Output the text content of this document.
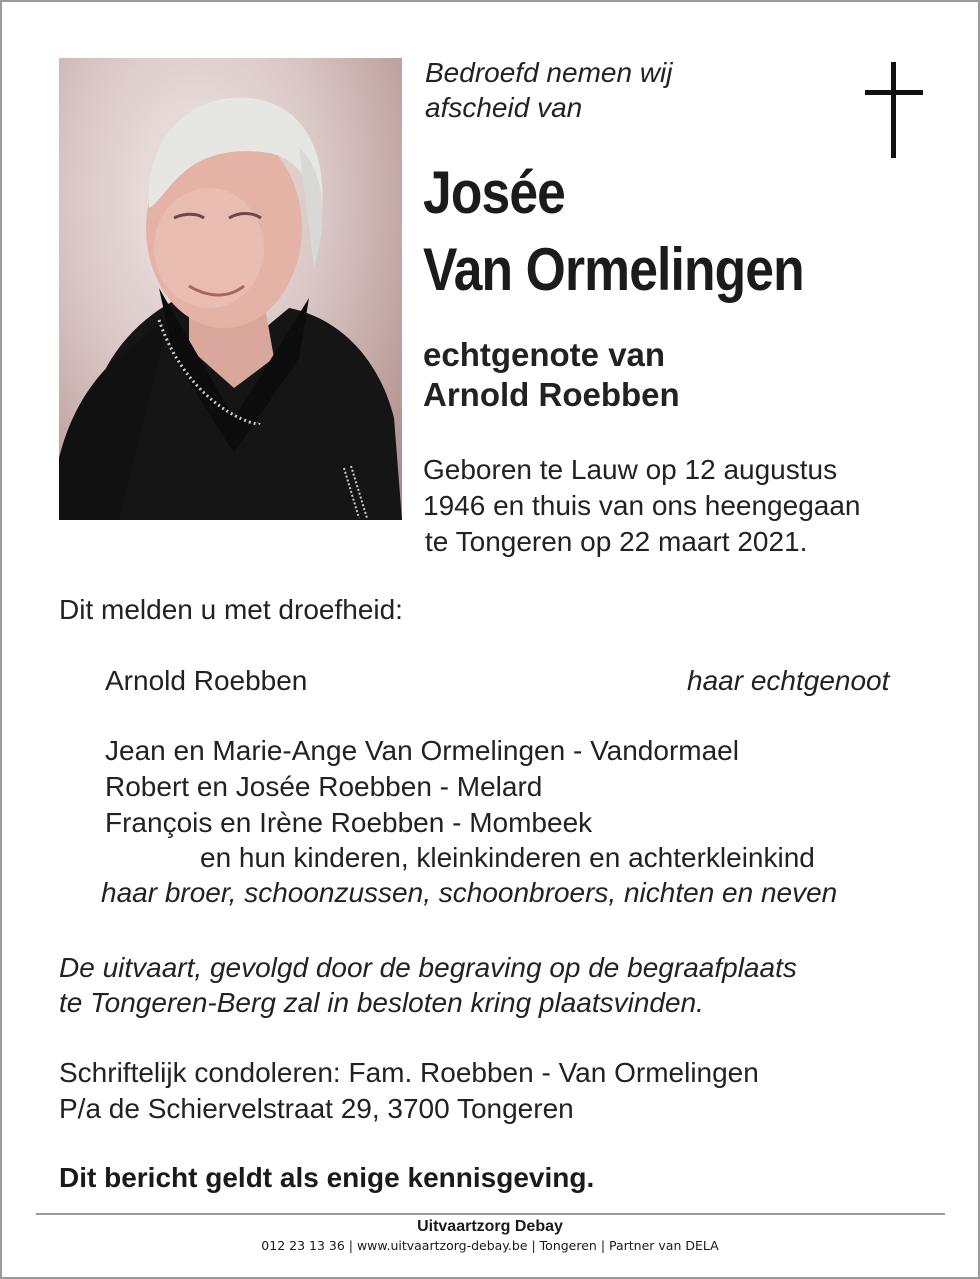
Bedroefd nemen wij
afscheid van
Josée
Van Ormelingen
echtgenote van
Arnold Roebben
Geboren te Lauw op 12 augustus
1946 en thuis van ons heengegaan
te Tongeren op 22 maart 2021.
Dit melden u met droefheid:
Arnold Roebben	haar echtgenoot
Jean en Marie-Ange Van Ormelingen - Vandormael
Robert en Josée Roebben - Melard
François en Irène Roebben - Mombeek
en hun kinderen, kleinkinderen en achterkleinkind
haar broer, schoonzussen, schoonbroers, nichten en neven
De uitvaart, gevolgd door de begraving op de begraafplaats
te Tongeren-Berg zal in besloten kring plaatsvinden.
Schriftelijk condoleren: Fam. Roebben - Van Ormelingen
P/a de Schiervelstraat 29, 3700 Tongeren
Dit bericht geldt als enige kennisgeving.
Uitvaartzorg Debay
012 23 13 36 | www.uitvaartzorg-debay.be | Tongeren | Partner van DELA
